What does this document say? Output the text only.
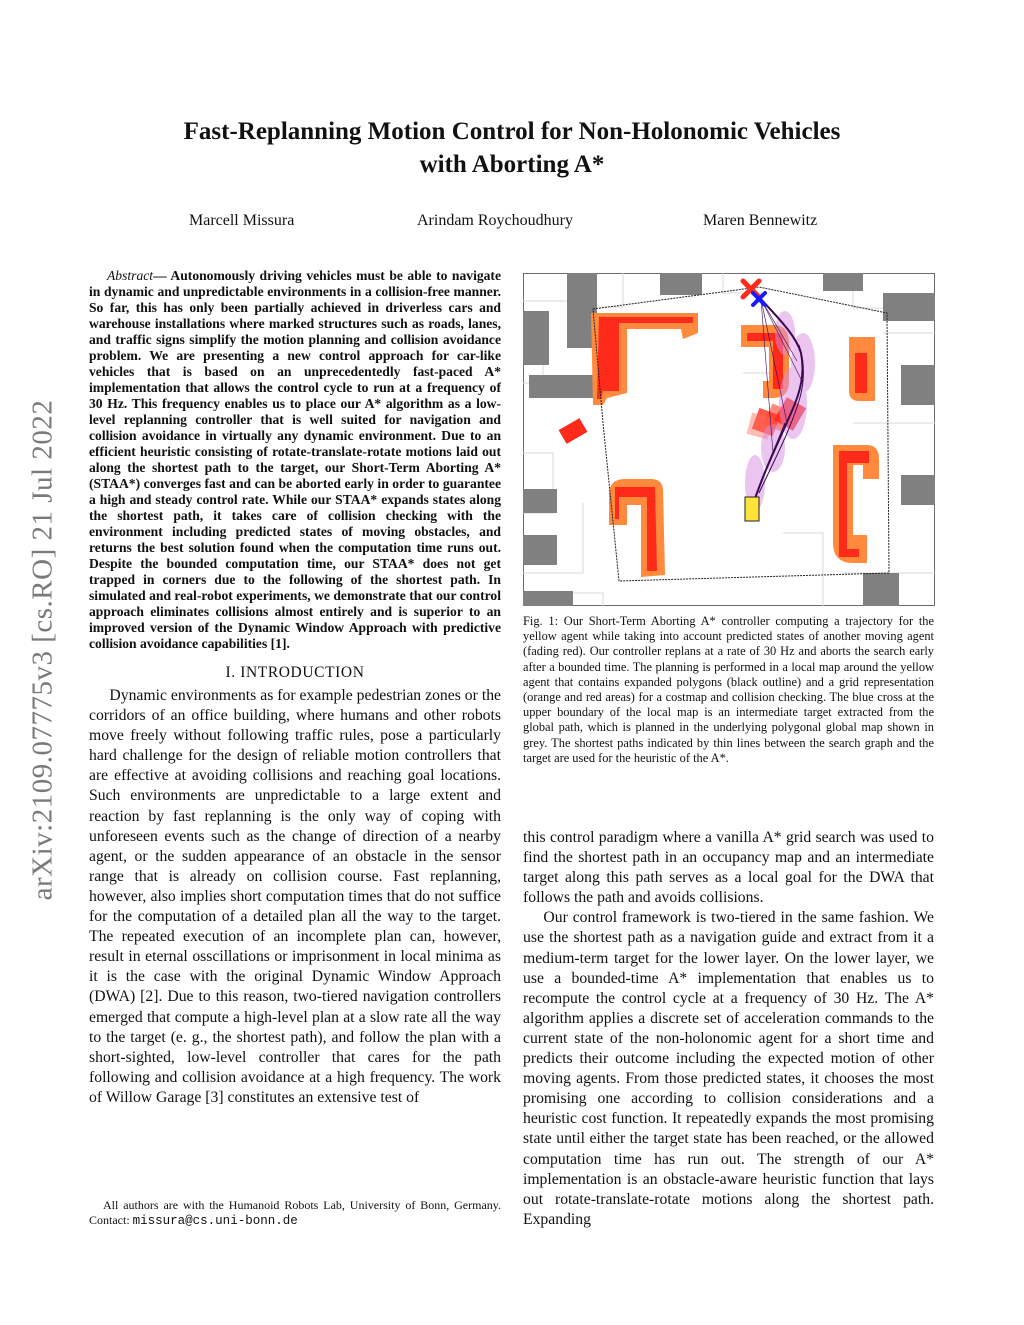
arXiv:2109.07775v3 [cs.RO] 21 Jul 2022
Fast-Replanning Motion Control for Non-Holonomic Vehicles
with Aborting A*
Marcell Missura	Arindam Roychoudhury	Maren Bennewitz

Abstract— Autonomously driving vehicles must be able to navigate in dynamic and unpredictable environments in a collision-free manner. So far, this has only been partially achieved in driverless cars and warehouse installations where marked structures such as roads, lanes, and traffic signs simplify the motion planning and collision avoidance problem. We are presenting a new control approach for car-like vehicles that is based on an unprecedentedly fast-paced A* implementation that allows the control cycle to run at a frequency of 30 Hz. This frequency enables us to place our A* algorithm as a low-level replanning controller that is well suited for navigation and collision avoidance in virtually any dynamic environment. Due to an efficient heuristic consisting of rotate-translate-rotate motions laid out along the shortest path to the target, our Short-Term Aborting A* (STAA*) converges fast and can be aborted early in order to guarantee a high and steady control rate. While our STAA* expands states along the shortest path, it takes care of collision checking with the environment including predicted states of moving obstacles, and returns the best solution found when the computation time runs out. Despite the bounded computation time, our STAA* does not get trapped in corners due to the following of the shortest path. In simulated and real-robot experiments, we demonstrate that our control approach eliminates collisions almost entirely and is superior to an improved version of the Dynamic Window Approach with predictive collision avoidance capabilities [1].

I. INTRODUCTION

Dynamic environments as for example pedestrian zones or the corridors of an office building, where humans and other robots move freely without following traffic rules, pose a particularly hard challenge for the design of reliable motion controllers that are effective at avoiding collisions and reaching goal locations. Such environments are unpredictable to a large extent and reaction by fast replanning is the only way of coping with unforeseen events such as the change of direction of a nearby agent, or the sudden appearance of an obstacle in the sensor range that is already on collision course. Fast replanning, however, also implies short computation times that do not suffice for the computation of a detailed plan all the way to the target. The repeated execution of an incomplete plan can, however, result in eternal osscillations or imprisonment in local minima as it is the case with the original Dynamic Window Approach (DWA) [2]. Due to this reason, two-tiered navigation controllers emerged that compute a high-level plan at a slow rate all the way to the target (e. g., the shortest path), and follow the plan with a short-sighted, low-level controller that cares for the path following and collision avoidance at a high frequency. The work of Willow Garage [3] constitutes an extensive test of

All authors are with the Humanoid Robots Lab, University of Bonn, Germany. Contact: missura@cs.uni-bonn.de
Fig. 1: Our Short-Term Aborting A* controller computing a trajectory for the yellow agent while taking into account predicted states of another moving agent (fading red). Our controller replans at a rate of 30 Hz and aborts the search early after a bounded time. The planning is performed in a local map around the yellow agent that contains expanded polygons (black outline) and a grid representation (orange and red areas) for a costmap and collision checking. The blue cross at the upper boundary of the local map is an intermediate target extracted from the global path, which is planned in the underlying polygonal global map shown in grey. The shortest paths indicated by thin lines between the search graph and the target are used for the heuristic of the A*.

this control paradigm where a vanilla A* grid search was used to find the shortest path in an occupancy map and an intermediate target along this path serves as a local goal for the DWA that follows the path and avoids collisions.

Our control framework is two-tiered in the same fashion. We use the shortest path as a navigation guide and extract from it a medium-term target for the lower layer. On the lower layer, we use a bounded-time A* implementation that enables us to recompute the control cycle at a frequency of 30 Hz. The A* algorithm applies a discrete set of acceleration commands to the current state of the non-holonomic agent for a short time and predicts their outcome including the expected motion of other moving agents. From those predicted states, it chooses the most promising one according to collision considerations and a heuristic cost function. It repeatedly expands the most promising state until either the target state has been reached, or the allowed computation time has run out. The strength of our A* implementation is an obstacle-aware heuristic function that lays out rotate-translate-rotate motions along the shortest path. Expanding
